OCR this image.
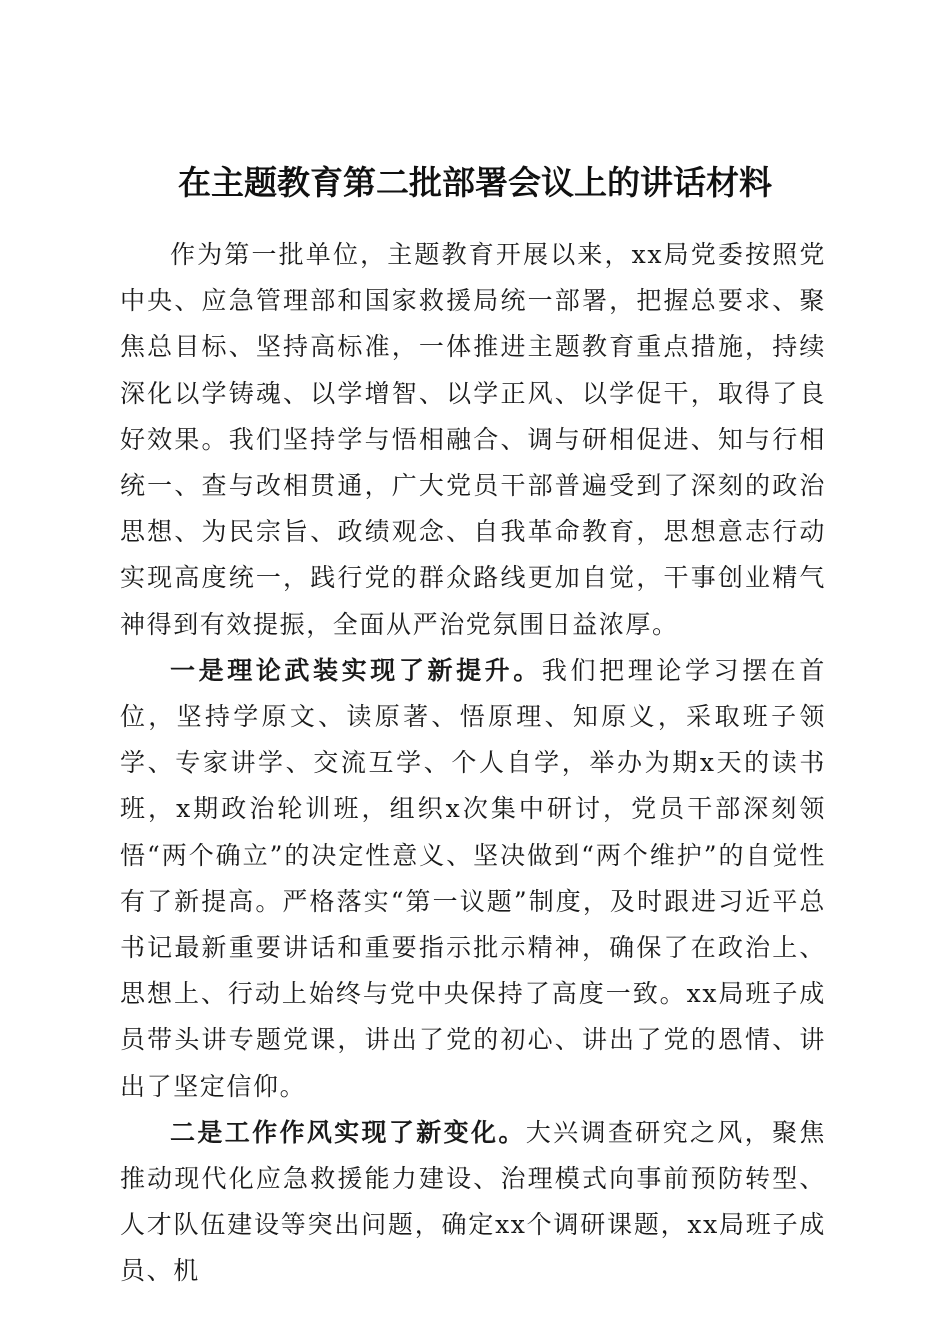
在主题教育第二批部署会议上的讲话材料

作为第一批单位，主题教育开展以来，xx局党委按照党中央、应急管理部和国家救援局统一部署，把握总要求、聚焦总目标、坚持高标准，一体推进主题教育重点措施，持续深化以学铸魂、以学增智、以学正风、以学促干，取得了良好效果。我们坚持学与悟相融合、调与研相促进、知与行相统一、查与改相贯通，广大党员干部普遍受到了深刻的政治思想、为民宗旨、政绩观念、自我革命教育，思想意志行动实现高度统一，践行党的群众路线更加自觉，干事创业精气神得到有效提振，全面从严治党氛围日益浓厚。

一是理论武装实现了新提升。我们把理论学习摆在首位，坚持学原文、读原著、悟原理、知原义，采取班子领学、专家讲学、交流互学、个人自学，举办为期x天的读书班，x期政治轮训班，组织x次集中研讨，党员干部深刻领悟“两个确立”的决定性意义、坚决做到“两个维护”的自觉性有了新提高。严格落实“第一议题”制度，及时跟进习近平总书记最新重要讲话和重要指示批示精神，确保了在政治上、思想上、行动上始终与党中央保持了高度一致。xx局班子成员带头讲专题党课，讲出了党的初心、讲出了党的恩情、讲出了坚定信仰。

二是工作作风实现了新变化。大兴调查研究之风，聚焦推动现代化应急救援能力建设、治理模式向事前预防转型、人才队伍建设等突出问题，确定xx个调研课题，xx局班子成员、机
